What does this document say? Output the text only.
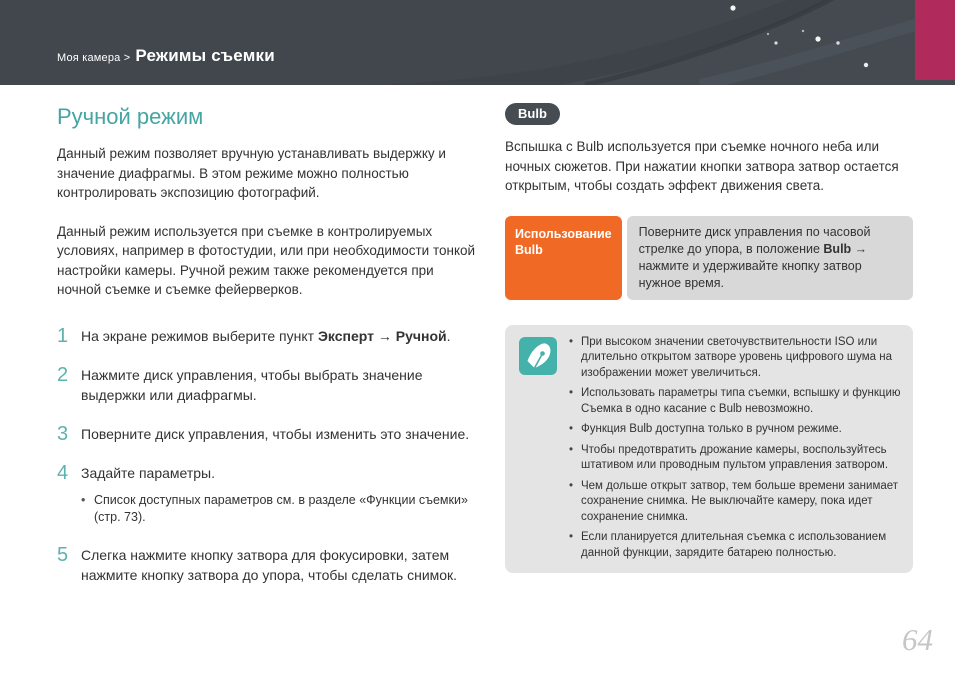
Моя камера > Режимы съемки
Ручной режим

Данный режим позволяет вручную устанавливать выдержку и значение диафрагмы. В этом режиме можно полностью контролировать экспозицию фотографий.

Данный режим используется при съемке в контролируемых условиях, например в фотостудии, или при необходимости тонкой настройки камеры. Ручной режим также рекомендуется при ночной съемке и съемке фейерверков.

1 На экране режимов выберите пункт Эксперт → Ручной.
2 Нажмите диск управления, чтобы выбрать значение выдержки или диафрагмы.
3 Поверните диск управления, чтобы изменить это значение.
4 Задайте параметры.
• Список доступных параметров см. в разделе «Функции съемки» (стр. 73).
5 Слегка нажмите кнопку затвора для фокусировки, затем нажмите кнопку затвора до упора, чтобы сделать снимок.
Bulb

Вспышка с Bulb используется при съемке ночного неба или ночных сюжетов. При нажатии кнопки затвора затвор остается открытым, чтобы создать эффект движения света.

Использование Bulb
Поверните диск управления по часовой стрелке до упора, в положение Bulb → нажмите и удерживайте кнопку затвор нужное время.
• При высоком значении светочувствительности ISO или длительно открытом затворе уровень цифрового шума на изображении может увеличиться.
• Использовать параметры типа съемки, вспышку и функцию Съемка в одно касание с Bulb невозможно.
• Функция Bulb доступна только в ручном режиме.
• Чтобы предотвратить дрожание камеры, воспользуйтесь штативом или проводным пультом управления затвором.
• Чем дольше открыт затвор, тем больше времени занимает сохранение снимка. Не выключайте камеру, пока идет сохранение снимка.
• Если планируется длительная съемка с использованием данной функции, зарядите батарею полностью.
64
